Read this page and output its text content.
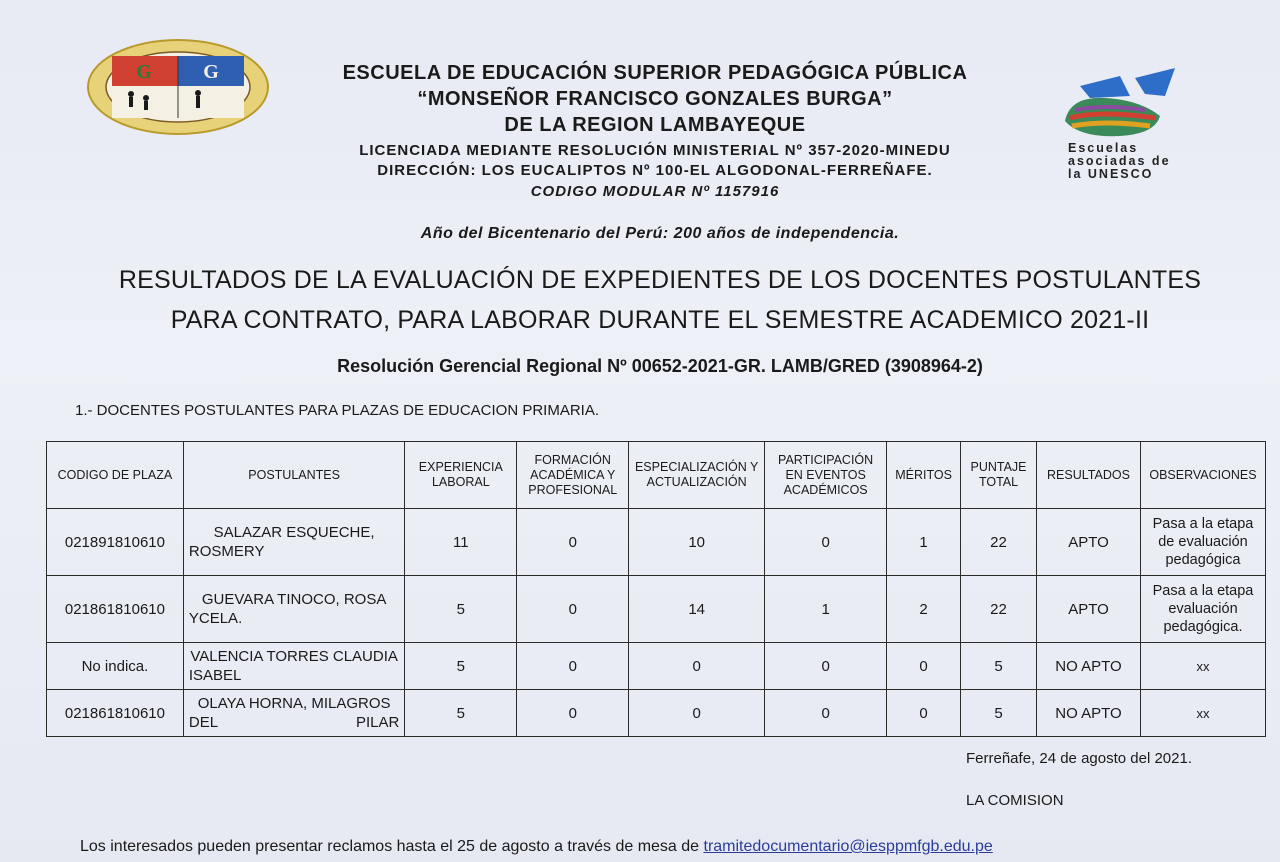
G	G	ESCUELA DE EDUCACIÓN SUPERIOR PEDAGÓGICA PÚBLICA
“MONSEÑOR FRANCISCO GONZALES BURGA”
DE LA REGION LAMBAYEQUE
LICENCIADA MEDIANTE RESOLUCIÓN MINISTERIAL Nº 357-2020-MINEDU
DIRECCIÓN: LOS EUCALIPTOS Nº 100-EL ALGODONAL-FERREÑAFE.
CODIGO MODULAR Nº 1157916
Escuelas
asociadas de
la UNESCO
Año del Bicentenario del Perú: 200 años de independencia.
RESULTADOS DE LA EVALUACIÓN DE EXPEDIENTES DE LOS DOCENTES POSTULANTES
PARA CONTRATO, PARA LABORAR DURANTE EL SEMESTRE ACADEMICO 2021-II
Resolución Gerencial Regional Nº 00652-2021-GR. LAMB/GRED (3908964-2)
1.- DOCENTES POSTULANTES PARA PLAZAS DE EDUCACION PRIMARIA.
CODIGO DE PLAZA	POSTULANTES	EXPERIENCIA LABORAL	FORMACIÓN ACADÉMICA Y PROFESIONAL	ESPECIALIZACIÓN Y ACTUALIZACIÓN	PARTICIPACIÓN EN EVENTOS ACADÉMICOS	MÉRITOS	PUNTAJE TOTAL	RESULTADOS	OBSERVACIONES
021891810610	SALAZAR ESQUECHE, ROSMERY	11	0	10	0	1	22	APTO	Pasa a la etapa de evaluación pedagógica
021861810610	GUEVARA TINOCO, ROSA YCELA.	5	0	14	1	2	22	APTO	Pasa a la etapa evaluación pedagógica.
No indica.	VALENCIA TORRES CLAUDIA ISABEL	5	0	0	0	0	5	NO APTO	xx
021861810610	OLAYA HORNA, MILAGROS DEL PILAR	5	0	0	0	0	5	NO APTO	xx
Ferreñafe, 24 de agosto del 2021.
LA COMISION
Los interesados pueden presentar reclamos hasta el 25 de agosto a través de mesa de tramitedocumentario@iesppmfgb.edu.pe
